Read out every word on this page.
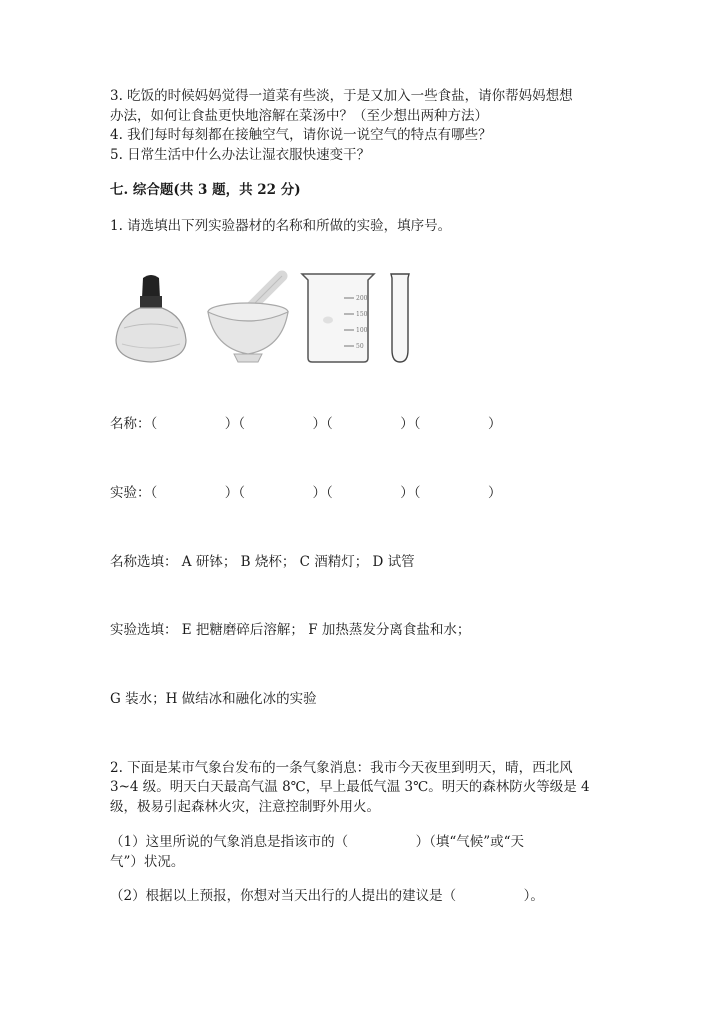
3. 吃饭的时候妈妈觉得一道菜有些淡，于是又加入一些食盐，请你帮妈妈想想
办法，如何让食盐更快地溶解在菜汤中？（至少想出两种方法）
4. 我们每时每刻都在接触空气，请你说一说空气的特点有哪些？
5. 日常生活中什么办法让湿衣服快速变干？
七. 综合题(共 3 题，共 22 分)
1. 请选填出下列实验器材的名称和所做的实验，填序号。
200
150
100
50
名称：（　　　　　）（　　　　　）（　　　　　）（　　　　　）
实验：（　　　　　）（　　　　　）（　　　　　）（　　　　　）
名称选填： A 研钵； B 烧杯； C 酒精灯； D 试管
实验选填： E 把糖磨碎后溶解； F 加热蒸发分离食盐和水；
G 装水；H 做结冰和融化冰的实验
2. 下面是某市气象台发布的一条气象消息：我市今天夜里到明天，晴，西北风
3~4 级。明天白天最高气温 8℃，早上最低气温 3℃。明天的森林防火等级是 4
级，极易引起森林火灾，注意控制野外用火。
（1）这里所说的气象消息是指该市的（　　　　　）（填“气候”或“天
气”）状况。
（2）根据以上预报，你想对当天出行的人提出的建议是（　　　　　）。
